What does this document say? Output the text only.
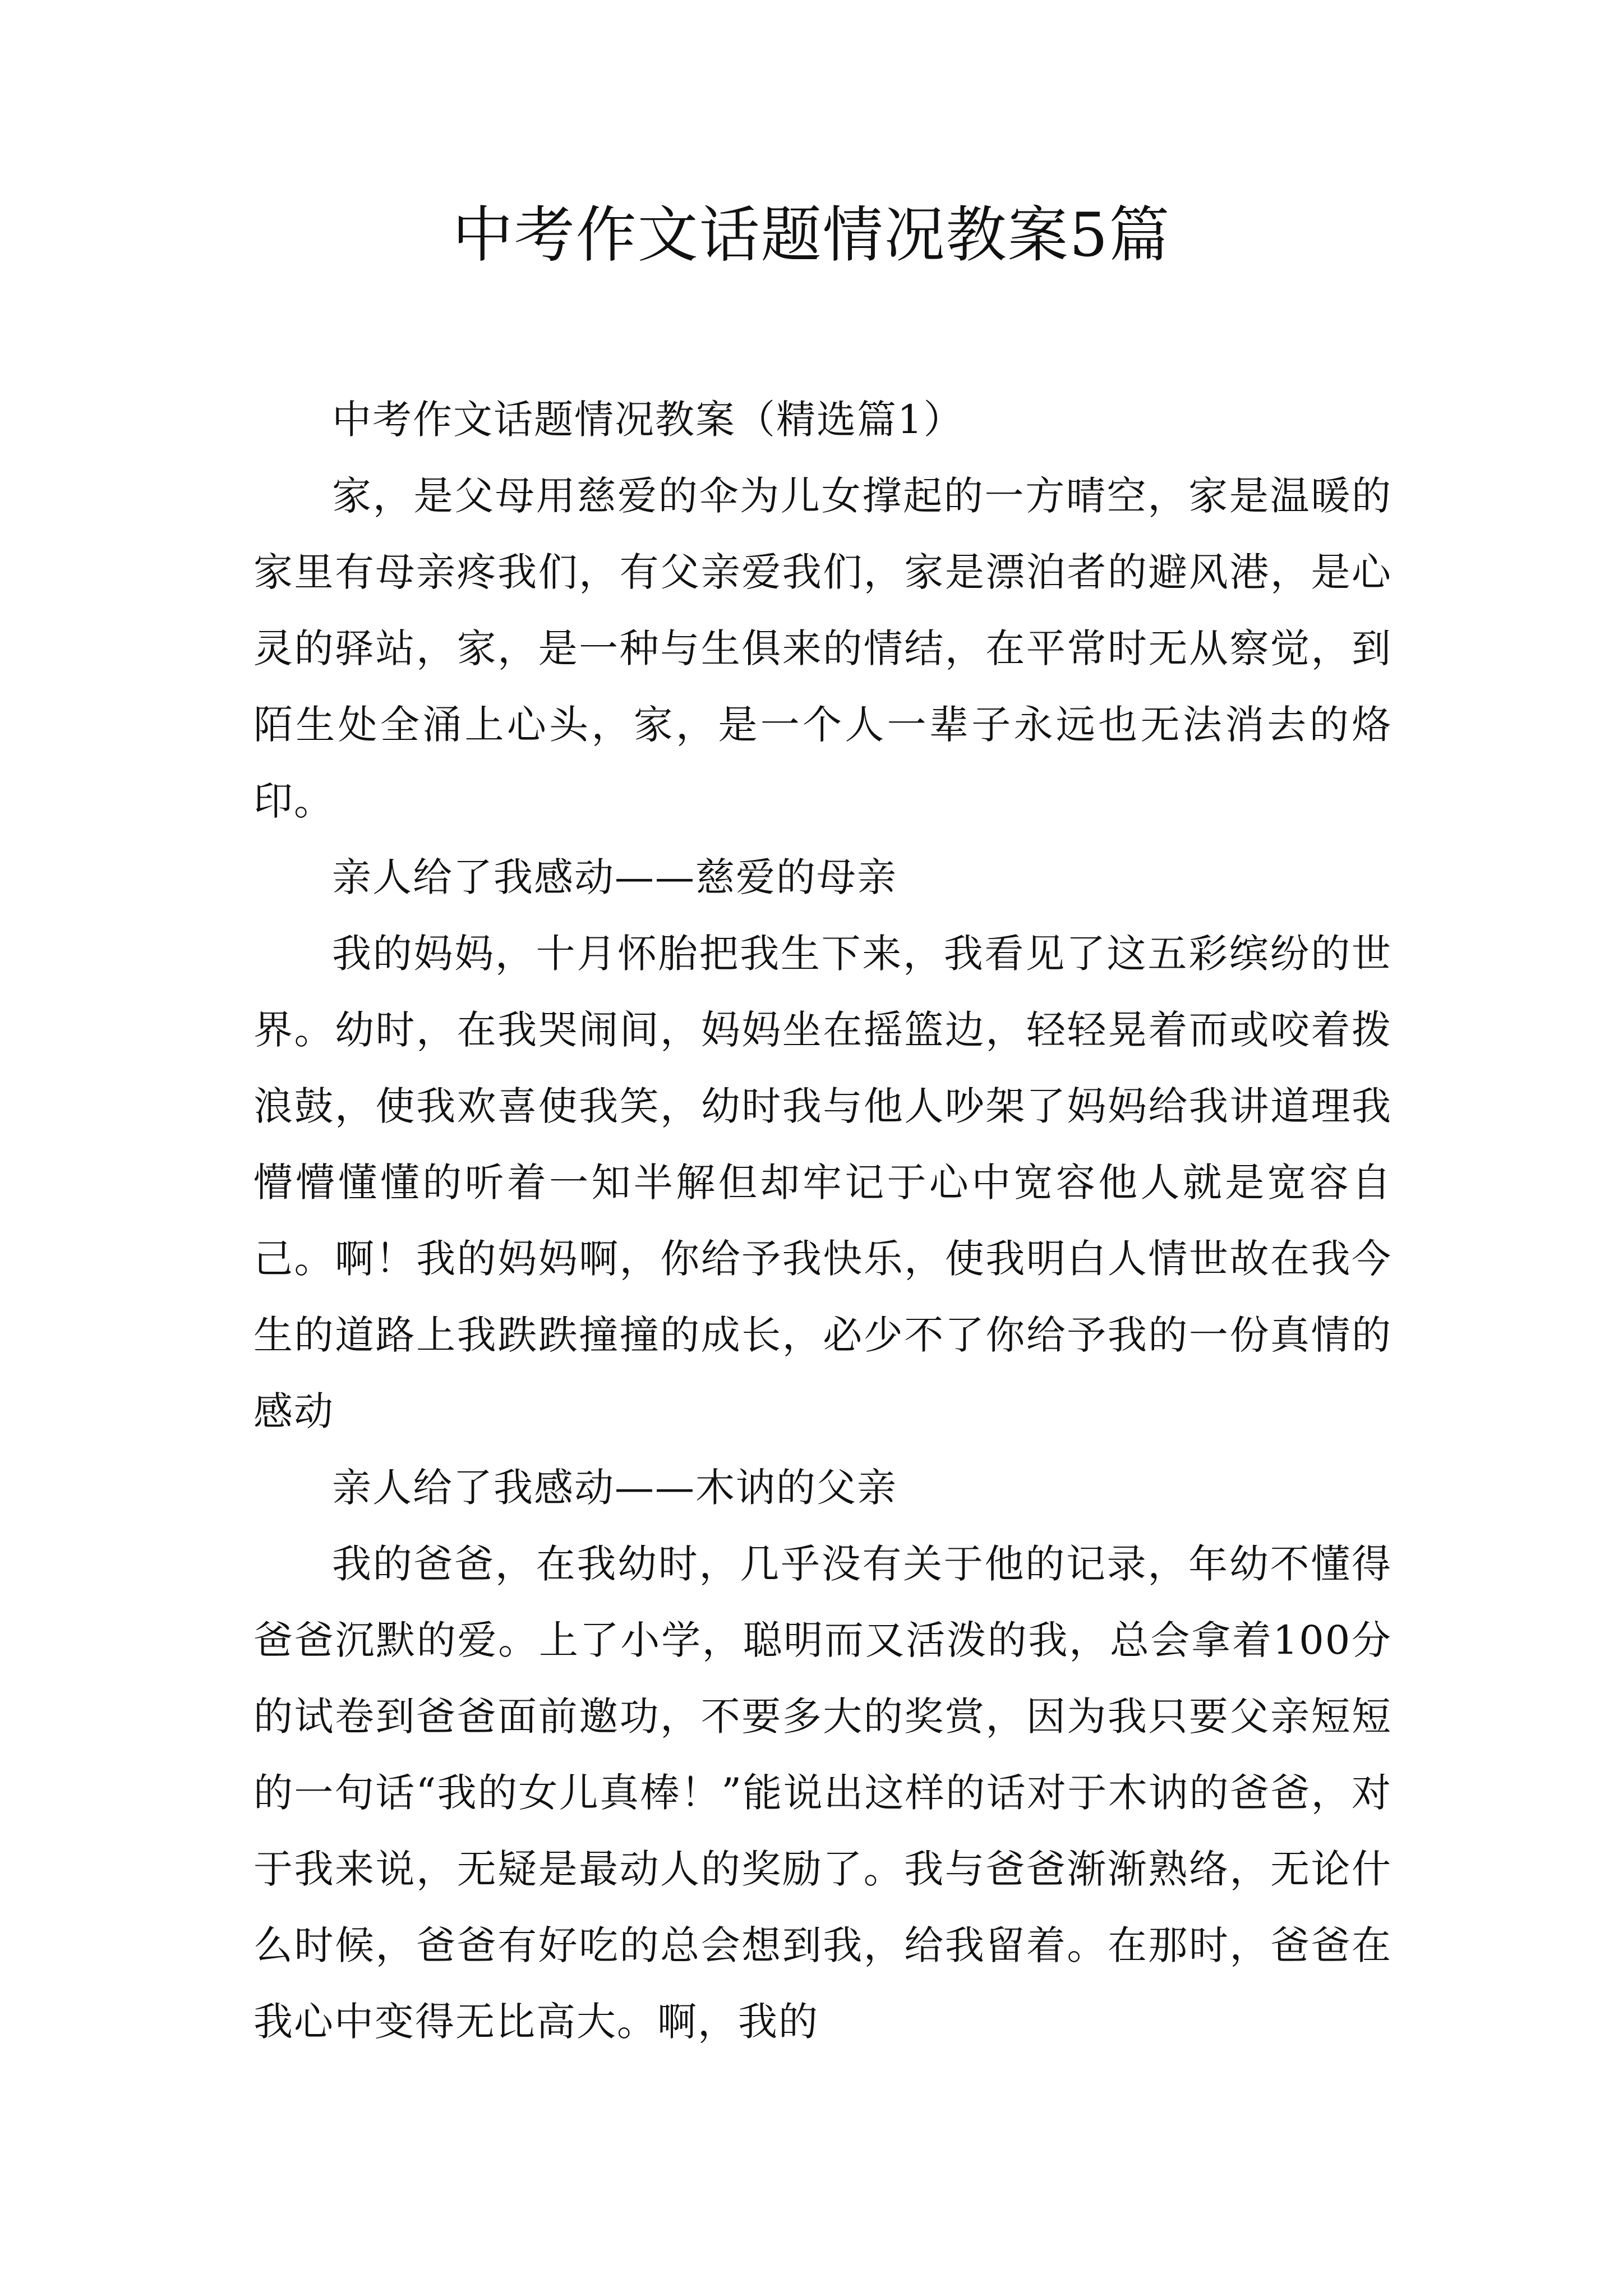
中考作文话题情况教案5篇

中考作文话题情况教案（精选篇1）

家，是父母用慈爱的伞为儿女撑起的一方晴空，家是温暖的家里有母亲疼我们，有父亲爱我们，家是漂泊者的避风港，是心灵的驿站，家，是一种与生俱来的情结，在平常时无从察觉，到陌生处全涌上心头，家，是一个人一辈子永远也无法消去的烙印。

亲人给了我感动——慈爱的母亲

我的妈妈，十月怀胎把我生下来，我看见了这五彩缤纷的世界。幼时，在我哭闹间，妈妈坐在摇篮边，轻轻晃着而或咬着拨浪鼓，使我欢喜使我笑，幼时我与他人吵架了妈妈给我讲道理我懵懵懂懂的听着一知半解但却牢记于心中宽容他人就是宽容自己。啊！我的妈妈啊，你给予我快乐，使我明白人情世故在我今生的道路上我跌跌撞撞的成长，必少不了你给予我的一份真情的感动

亲人给了我感动——木讷的父亲

我的爸爸，在我幼时，几乎没有关于他的记录，年幼不懂得爸爸沉默的爱。上了小学，聪明而又活泼的我，总会拿着100分的试卷到爸爸面前邀功，不要多大的奖赏，因为我只要父亲短短的一句话“我的女儿真棒！”能说出这样的话对于木讷的爸爸，对于我来说，无疑是最动人的奖励了。我与爸爸渐渐熟络，无论什么时候，爸爸有好吃的总会想到我，给我留着。在那时，爸爸在我心中变得无比高大。啊，我的
